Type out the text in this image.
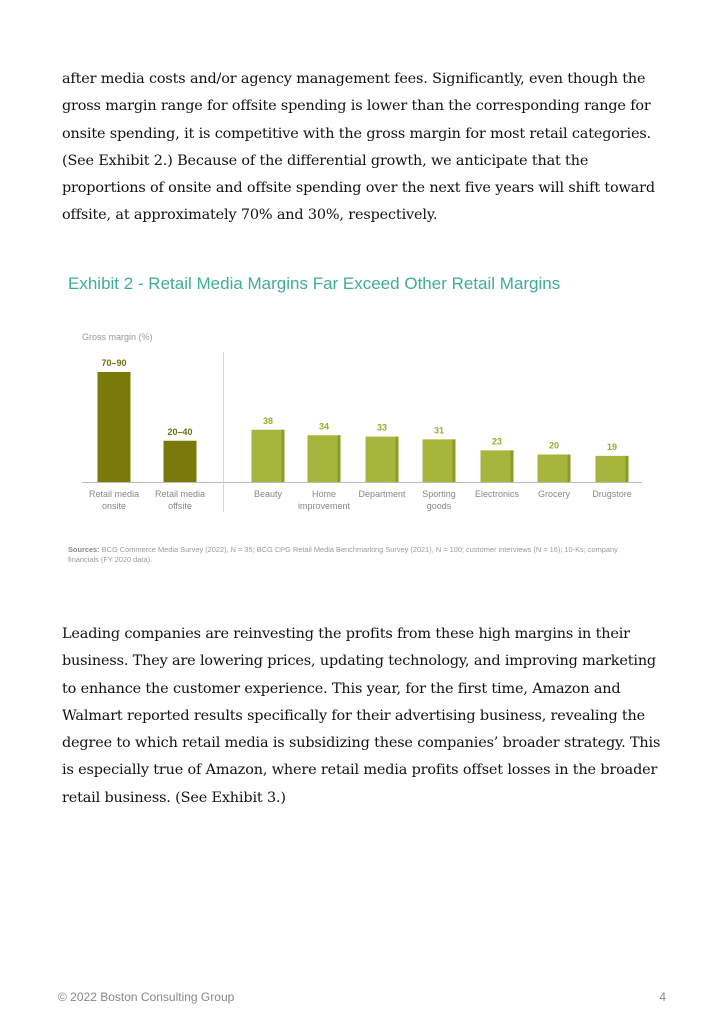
after media costs and/or agency management fees. Significantly, even though the gross margin range for offsite spending is lower than the corresponding range for onsite spending, it is competitive with the gross margin for most retail categories. (See Exhibit 2.) Because of the differential growth, we anticipate that the proportions of onsite and offsite spending over the next five years will shift toward offsite, at approximately 70% and 30%, respectively.

Exhibit 2 - Retail Media Margins Far Exceed Other Retail Margins
Gross margin (%)
70–90
Retail media
onsite
20–40
Retail media
offsite
38
Beauty
34
Home
improvement
33
Department
31
Sporting
goods
23
Electronics
20
Grocery
19
Drugstore

Sources: BCG Commerce Media Survey (2022), N = 35; BCG CPG Retail Media Benchmarking Survey (2021), N = 100; customer interviews (N = 16); 10-Ks; company financials (FY 2020 data).

Leading companies are reinvesting the profits from these high margins in their business. They are lowering prices, updating technology, and improving marketing to enhance the customer experience. This year, for the first time, Amazon and Walmart reported results specifically for their advertising business, revealing the degree to which retail media is subsidizing these companies’ broader strategy. This is especially true of Amazon, where retail media profits offset losses in the broader retail business. (See Exhibit 3.)

© 2022 Boston Consulting Group	4
